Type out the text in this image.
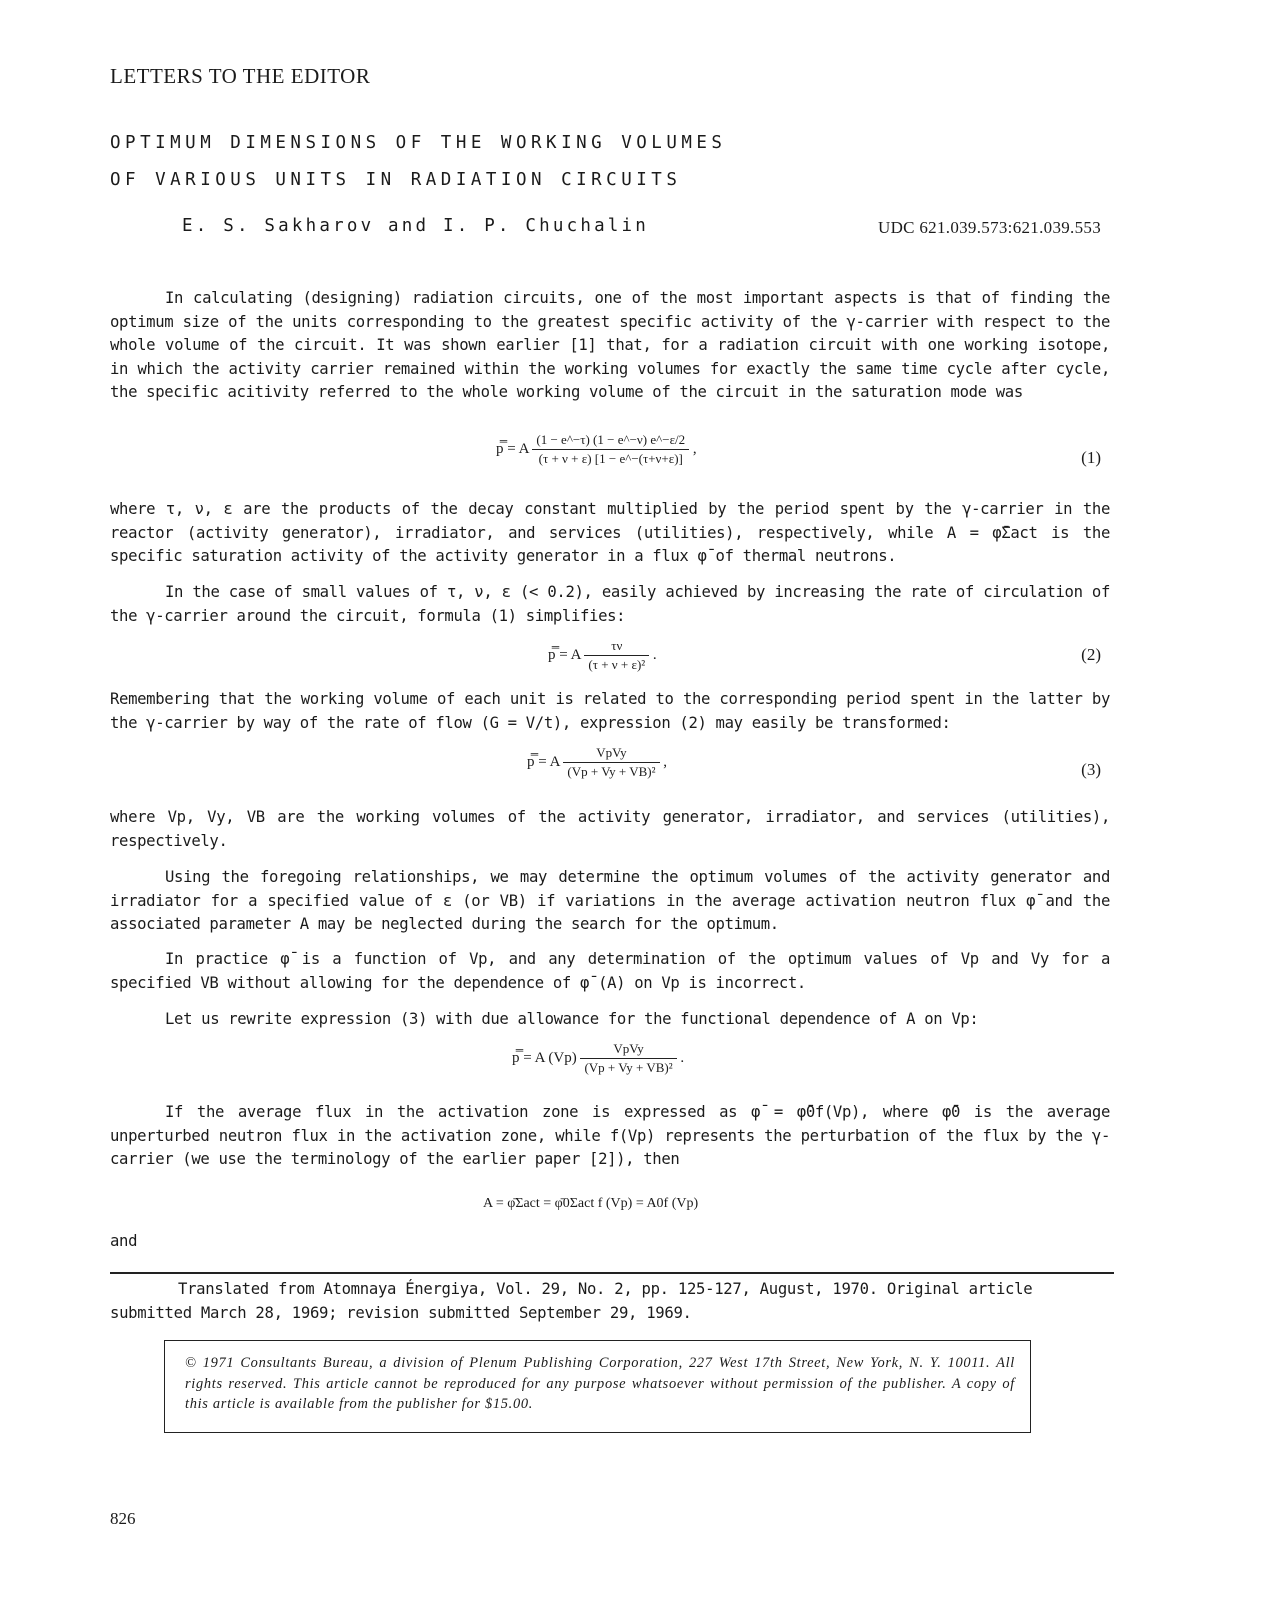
LETTERS TO THE EDITOR
OPTIMUM DIMENSIONS OF THE WORKING VOLUMES
OF VARIOUS UNITS IN RADIATION CIRCUITS
E. S. Sakharov and I. P. Chuchalin	UDC 621.039.573:621.039.553

In calculating (designing) radiation circuits, one of the most important aspects is that of finding the optimum size of the units corresponding to the greatest specific activity of the γ-carrier with respect to the whole volume of the circuit. It was shown earlier [1] that, for a radiation circuit with one working isotope, in which the activity carrier remained within the working volumes for exactly the same time cycle after cycle, the specific acitivity referred to the whole working volume of the circuit in the saturation mode was

p̿ = A $\frac{(1 - e\^{}-\tau) (1 - e\^{}-\nu) e\^{}-\varepsilon/2}{(\tau + \nu + \varepsilon) [1 - e\^{}-(\tau+\nu+\varepsilon)]}$ ,	(1)

where τ, ν, ε are the products of the decay constant multiplied by the period spent by the γ-carrier in the reactor (activity generator), irradiator, and services (utilities), respectively, while A = φ̄Σact is the specific saturation activity of the activity generator in a flux φ̄ of thermal neutrons.

In the case of small values of τ, ν, ε (< 0.2), easily achieved by increasing the rate of circulation of the γ-carrier around the circuit, formula (1) simplifies:

p̿ = A $\frac{\tau\nu}{\text{(τ + ν + ε)²}}$ .	(2)

Remembering that the working volume of each unit is related to the corresponding period spent in the latter by the γ-carrier by way of the rate of flow (G = V/t), expression (2) may easily be transformed:

p̿ = A $\frac{\text{VpVy}}{\text{(Vp + Vy + VB)²}}$ ,	(3)

where Vp, Vy, VB are the working volumes of the activity generator, irradiator, and services (utilities), respectively.

Using the foregoing relationships, we may determine the optimum volumes of the activity generator and irradiator for a specified value of ε (or VB) if variations in the average activation neutron flux φ̄ and the associated parameter A may be neglected during the search for the optimum.

In practice φ̄ is a function of Vp, and any determination of the optimum values of Vp and Vy for a specified VB without allowing for the dependence of φ̄ (A) on Vp is incorrect.

Let us rewrite expression (3) with due allowance for the functional dependence of A on Vp:

p̿ = A $(Vp) \frac{\text{VpVy}}{\text{(Vp + Vy + VB)²}}$ .

If the average flux in the activation zone is expressed as φ̄ = φ̄0f(Vp), where φ̄0 is the average unperturbed neutron flux in the activation zone, while f(Vp) represents the perturbation of the flux by the γ-carrier (we use the terminology of the earlier paper [2]), then

A = φ̄Σact = φ̄0Σact f (Vp) = A0f (Vp)

and

Translated from Atomnaya Énergiya, Vol. 29, No. 2, pp. 125-127, August, 1970. Original article submitted March 28, 1969; revision submitted September 29, 1969.

© 1971 Consultants Bureau, a division of Plenum Publishing Corporation, 227 West 17th Street, New York, N. Y. 10011. All rights reserved. This article cannot be reproduced for any purpose whatsoever without permission of the publisher. A copy of this article is available from the publisher for $15.00.
826
